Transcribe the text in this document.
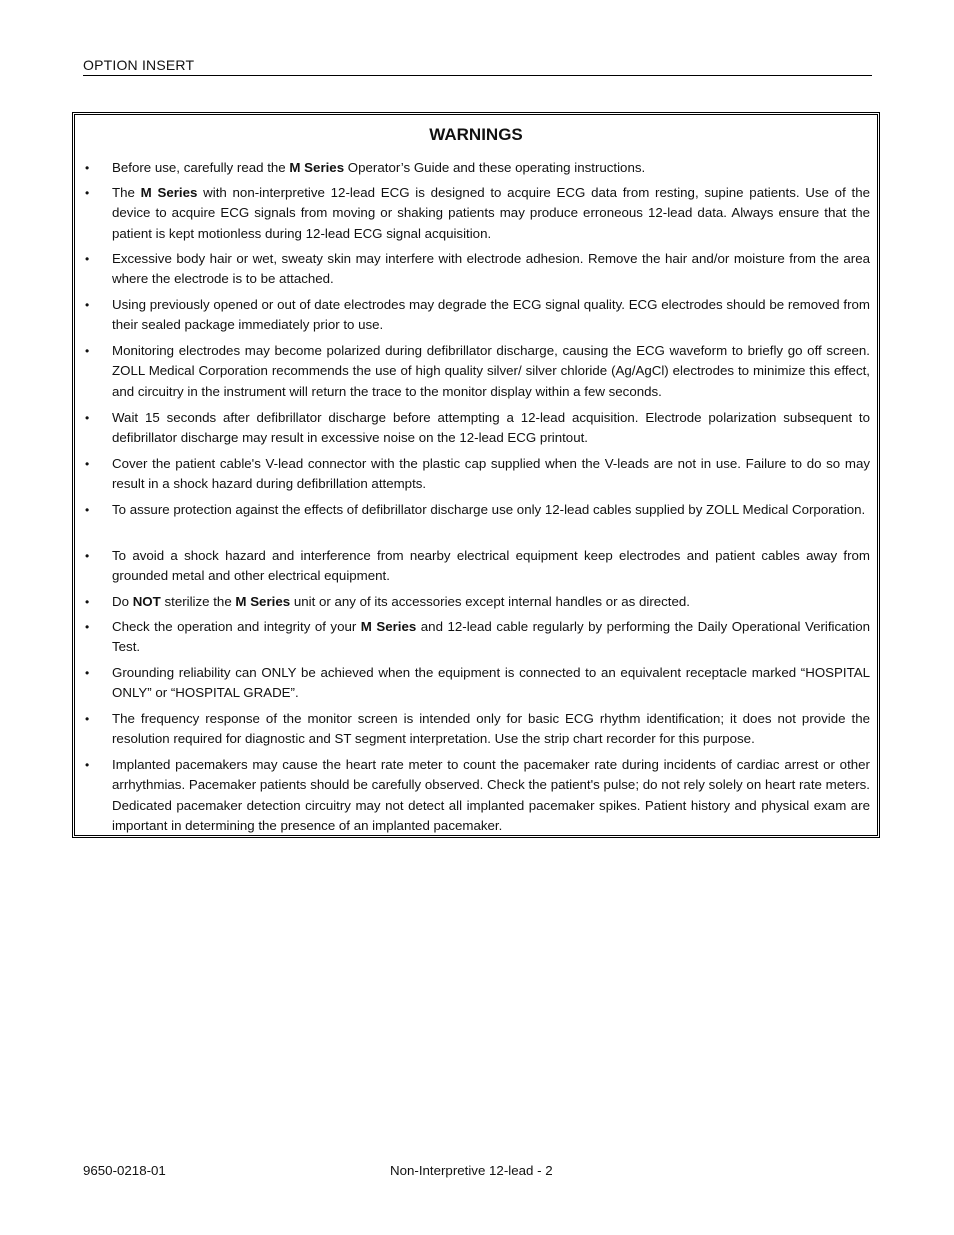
OPTION INSERT
WARNINGS
• Before use, carefully read the M Series Operator’s Guide and these operating instructions.
• The M Series with non-interpretive 12-lead ECG is designed to acquire ECG data from resting, supine patients. Use of the device to acquire ECG signals from moving or shaking patients may produce erroneous 12-lead data. Always ensure that the patient is kept motionless during 12-lead ECG signal acquisition.
• Excessive body hair or wet, sweaty skin may interfere with electrode adhesion. Remove the hair and/or moisture from the area where the electrode is to be attached.
• Using previously opened or out of date electrodes may degrade the ECG signal quality. ECG electrodes should be removed from their sealed package immediately prior to use.
• Monitoring electrodes may become polarized during defibrillator discharge, causing the ECG waveform to briefly go off screen. ZOLL Medical Corporation recommends the use of high quality silver/ silver chloride (Ag/AgCl) electrodes to minimize this effect, and circuitry in the instrument will return the trace to the monitor display within a few seconds.
• Wait 15 seconds after defibrillator discharge before attempting a 12-lead acquisition. Electrode polarization subsequent to defibrillator discharge may result in excessive noise on the 12-lead ECG printout.
• Cover the patient cable's V-lead connector with the plastic cap supplied when the V-leads are not in use. Failure to do so may result in a shock hazard during defibrillation attempts.
• To assure protection against the effects of defibrillator discharge use only 12-lead cables supplied by ZOLL Medical Corporation.
• To avoid a shock hazard and interference from nearby electrical equipment keep electrodes and patient cables away from grounded metal and other electrical equipment.
• Do NOT sterilize the M Series unit or any of its accessories except internal handles or as directed.
• Check the operation and integrity of your M Series and 12-lead cable regularly by performing the Daily Operational Verification Test.
• Grounding reliability can ONLY be achieved when the equipment is connected to an equivalent receptacle marked “HOSPITAL ONLY” or “HOSPITAL GRADE”.
• The frequency response of the monitor screen is intended only for basic ECG rhythm identification; it does not provide the resolution required for diagnostic and ST segment interpretation. Use the strip chart recorder for this purpose.
• Implanted pacemakers may cause the heart rate meter to count the pacemaker rate during incidents of cardiac arrest or other arrhythmias. Pacemaker patients should be carefully observed. Check the patient's pulse; do not rely solely on heart rate meters. Dedicated pacemaker detection circuitry may not detect all implanted pacemaker spikes. Patient history and physical exam are important in determining the presence of an implanted pacemaker.
9650-0218-01	Non-Interpretive 12-lead - 2
